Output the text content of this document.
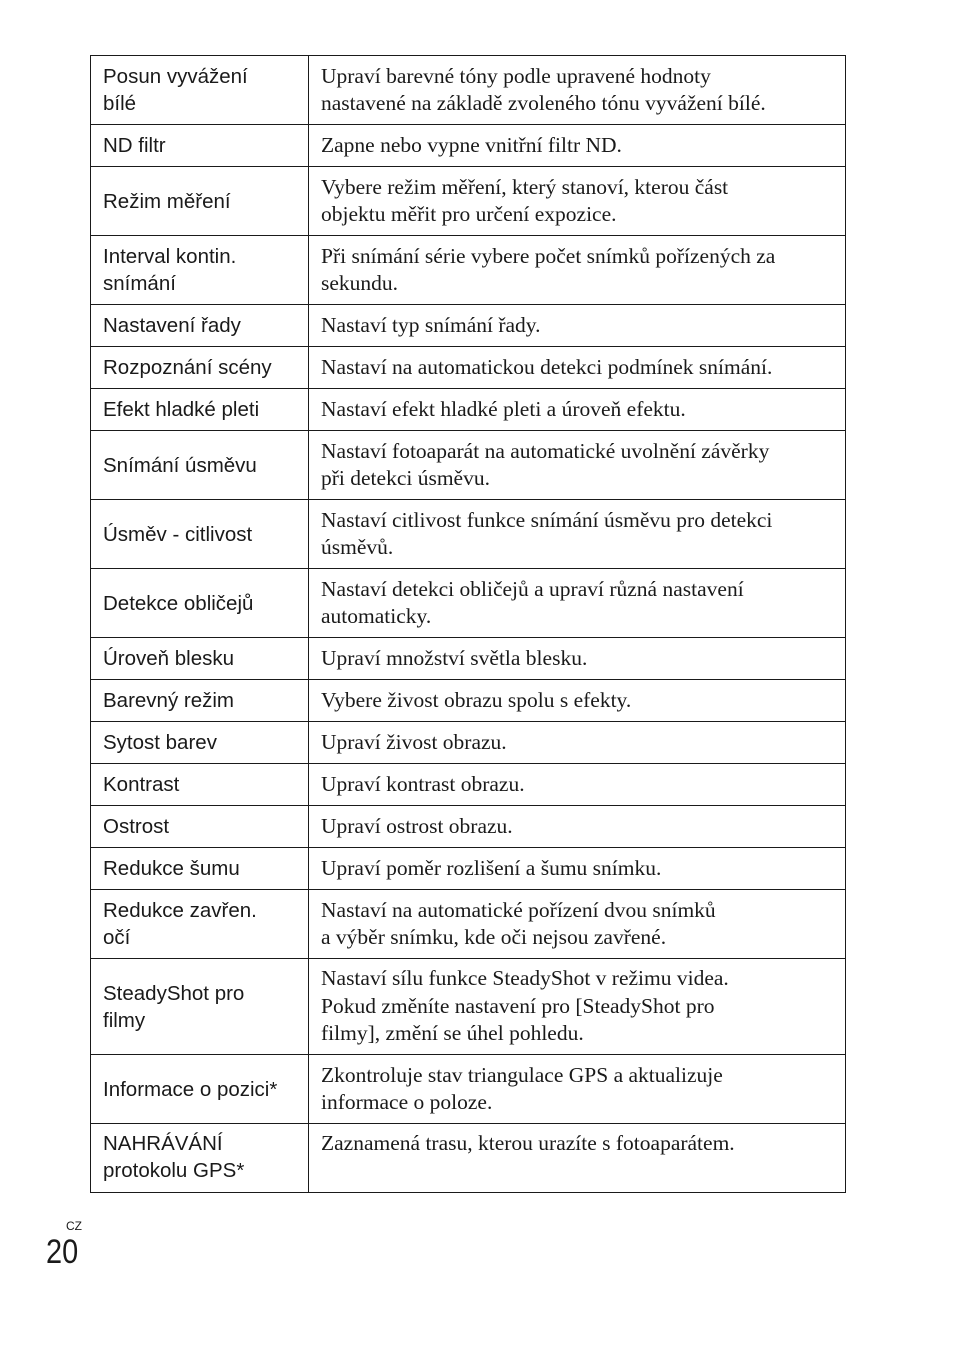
Posun vyvážení
bílé	Upraví barevné tóny podle upravené hodnoty
nastavené na základě zvoleného tónu vyvážení bílé.

ND filtr	Zapne nebo vypne vnitřní filtr ND.

Režim měření	Vybere režim měření, který stanoví, kterou část
objektu měřit pro určení expozice.

Interval kontin.
snímání	Při snímání série vybere počet snímků pořízených za
sekundu.

Nastavení řady	Nastaví typ snímání řady.

Rozpoznání scény	Nastaví na automatickou detekci podmínek snímání.

Efekt hladké pleti	Nastaví efekt hladké pleti a úroveň efektu.

Snímání úsměvu	Nastaví fotoaparát na automatické uvolnění závěrky
při detekci úsměvu.

Úsměv - citlivost	Nastaví citlivost funkce snímání úsměvu pro detekci
úsměvů.

Detekce obličejů	Nastaví detekci obličejů a upraví různá nastavení
automaticky.

Úroveň blesku	Upraví množství světla blesku.

Barevný režim	Vybere živost obrazu spolu s efekty.

Sytost barev	Upraví živost obrazu.

Kontrast	Upraví kontrast obrazu.

Ostrost	Upraví ostrost obrazu.

Redukce šumu	Upraví poměr rozlišení a šumu snímku.

Redukce zavřen.
očí	Nastaví na automatické pořízení dvou snímků
a výběr snímku, kde oči nejsou zavřené.

SteadyShot pro
filmy	Nastaví sílu funkce SteadyShot v režimu videa.
Pokud změníte nastavení pro [SteadyShot pro
filmy], změní se úhel pohledu.

Informace o pozici*	Zkontroluje stav triangulace GPS a aktualizuje
informace o poloze.

NAHRÁVÁNÍ
protokolu GPS*	Zaznamená trasu, kterou urazíte s fotoaparátem.
CZ
20
